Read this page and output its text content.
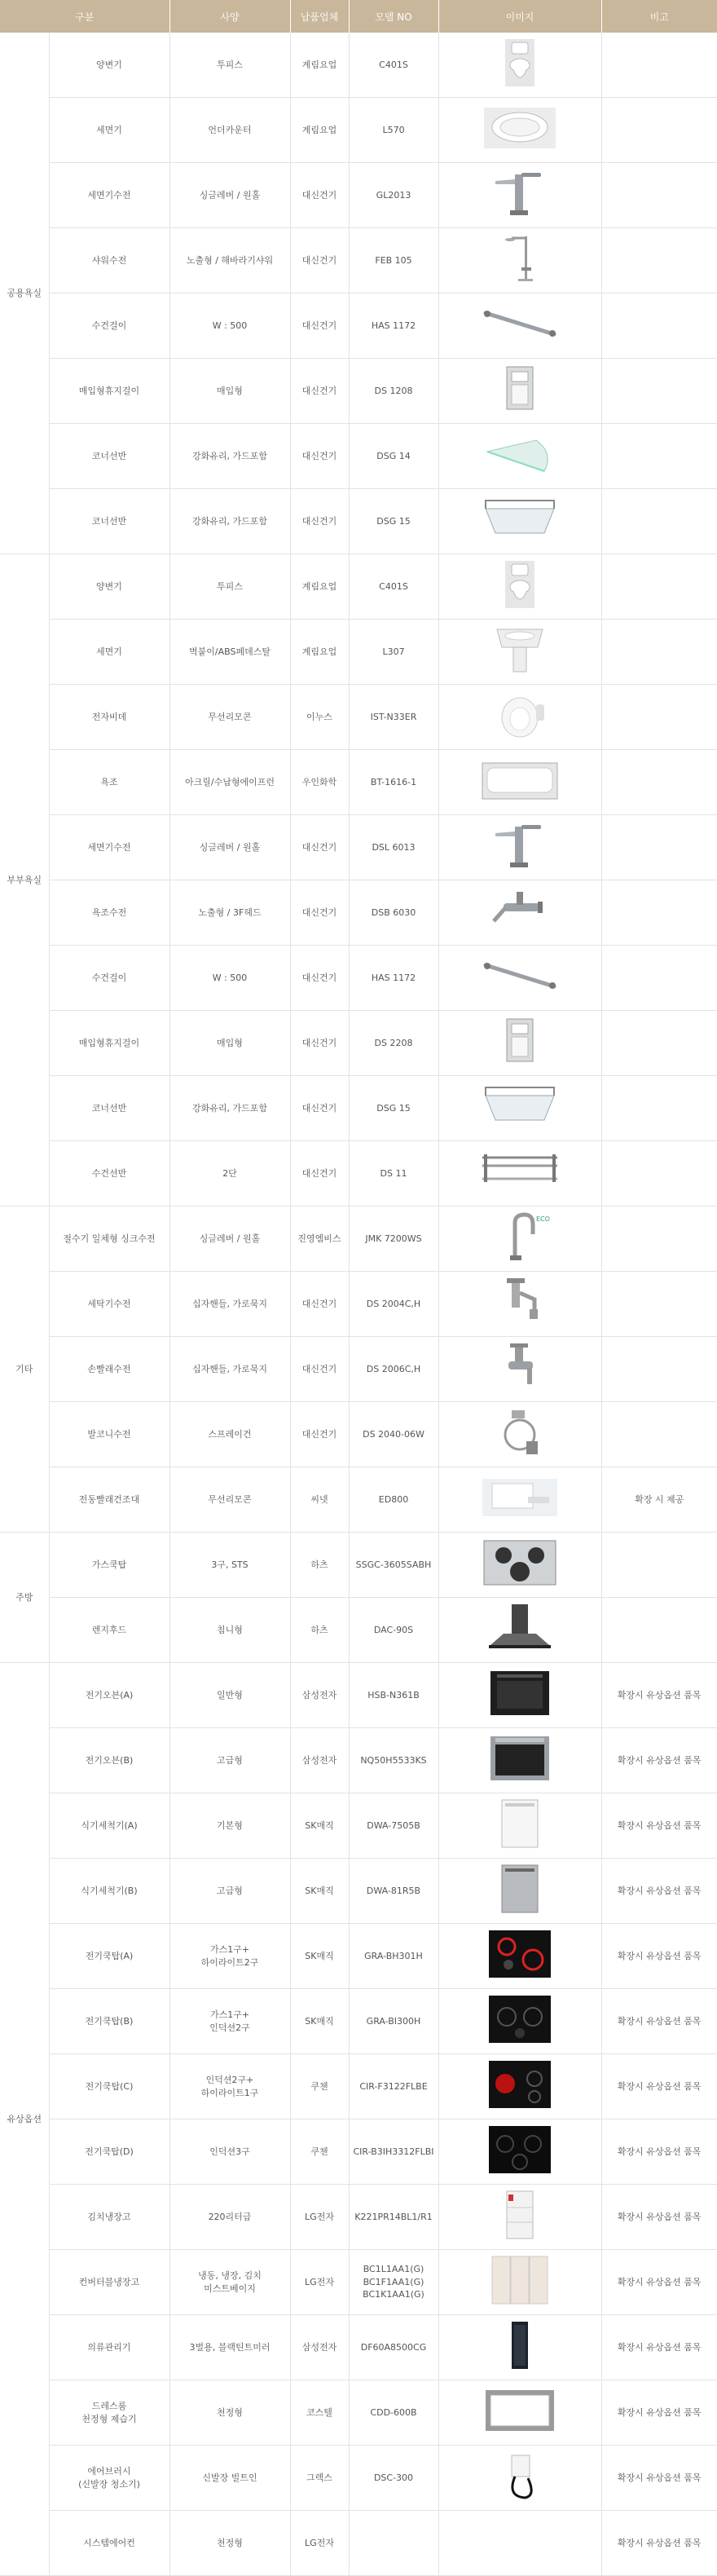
구분		사양	납품업체	모델 NO	이미지	비고
공용욕실	양변기	투피스	계림요업	C401S		
	세면기	언더카운터	계림요업	L570		
	세면기수전	싱글레버 / 원홀	대신건기	GL2013		
	샤워수전	노출형 / 해바라기샤워	대신건기	FEB 105		
	수건걸이	W : 500	대신건기	HAS 1172		
	매입형휴지걸이	매입형	대신건기	DS 1208		
	코너선반	강화유리, 가드포함	대신건기	DSG 14		
	코너선반	강화유리, 가드포함	대신건기	DSG 15		
부부욕실	양변기	투피스	계림요업	C401S		
	세면기	벽붙이/ABS페데스탈	계림요업	L307		
	전자비데	무선리모콘	이누스	IST-N33ER		
	욕조	아크릴/수납형에이프런	우인화학	BT-1616-1		
	세면기수전	싱글레버 / 원홀	대신건기	DSL 6013		
	욕조수전	노출형 / 3F헤드	대신건기	DSB 6030		
	수건걸이	W : 500	대신건기	HAS 1172		
	매입형휴지걸이	매입형	대신건기	DS 2208		
	코너선반	강화유리, 가드포함	대신건기	DSG 15		
	수건선반	2단	대신건기	DS 11		
기타	절수기 일체형 싱크수전	싱글레버 / 원홀	진영엠비스	JMK 7200WS	ECO	

	세탁기수전	십자핸들, 가로묵지	대신건기	DS 2004C,H		
	손빨래수전	십자핸들, 가로묵지	대신건기	DS 2006C,H		
	발코니수전	스프레이건	대신건기	DS 2040-06W		
	전동빨래건조대	무선리모콘	씨넷	ED800		확장 시 제공
주방	가스쿡탑	3구, STS	하츠	SSGC-3605SABH		
	렌지후드	침니형	하츠	DAC-90S		
유상옵션	전기오븐(A)	일반형	삼성전자	HSB-N361B		확장시 유상옵션 품목
	전기오븐(B)	고급형	삼성전자	NQ50H5533KS		확장시 유상옵션 품목
	식기세척기(A)	기본형	SK매직	DWA-7505B		확장시 유상옵션 품목
	식기세척기(B)	고급형	SK매직	DWA-81R5B		확장시 유상옵션 품목
	전기쿡탑(A)	가스1구+
하이라이트2구	SK매직	GRA-BH301H		확장시 유상옵션 품목
	전기쿡탑(B)	가스1구+
인덕션2구	SK매직	GRA-BI300H		확장시 유상옵션 품목
	전기쿡탑(C)	인덕션2구+
하이라이트1구	쿠첸	CIR-F3122FLBE		확장시 유상옵션 품목
	전기쿡탑(D)	인덕션3구	쿠첸	CIR-B3IH3312FLBI		확장시 유상옵션 품목
	김치냉장고	220리터급	LG전자	K221PR14BL1/R1		확장시 유상옵션 품목
	컨버터블냉장고	냉동, 냉장, 김치
미스트베이지	LG전자	BC1L1AA1(G)
BC1F1AA1(G)
BC1K1AA1(G)		확장시 유상옵션 품목
	의류관리기	3벌용, 블랙틴트미러	삼성전자	DF60A8500CG		확장시 유상옵션 품목
	드레스룸
천정형 제습기	천정형	코스텔	CDD-600B		확장시 유상옵션 품목
	에어브러시
(신발장 청소기)	신발장 빌트인	그렉스	DSC-300		확장시 유상옵션 품목
	시스템에어컨	천정형	LG전자			확장시 유상옵션 품목
